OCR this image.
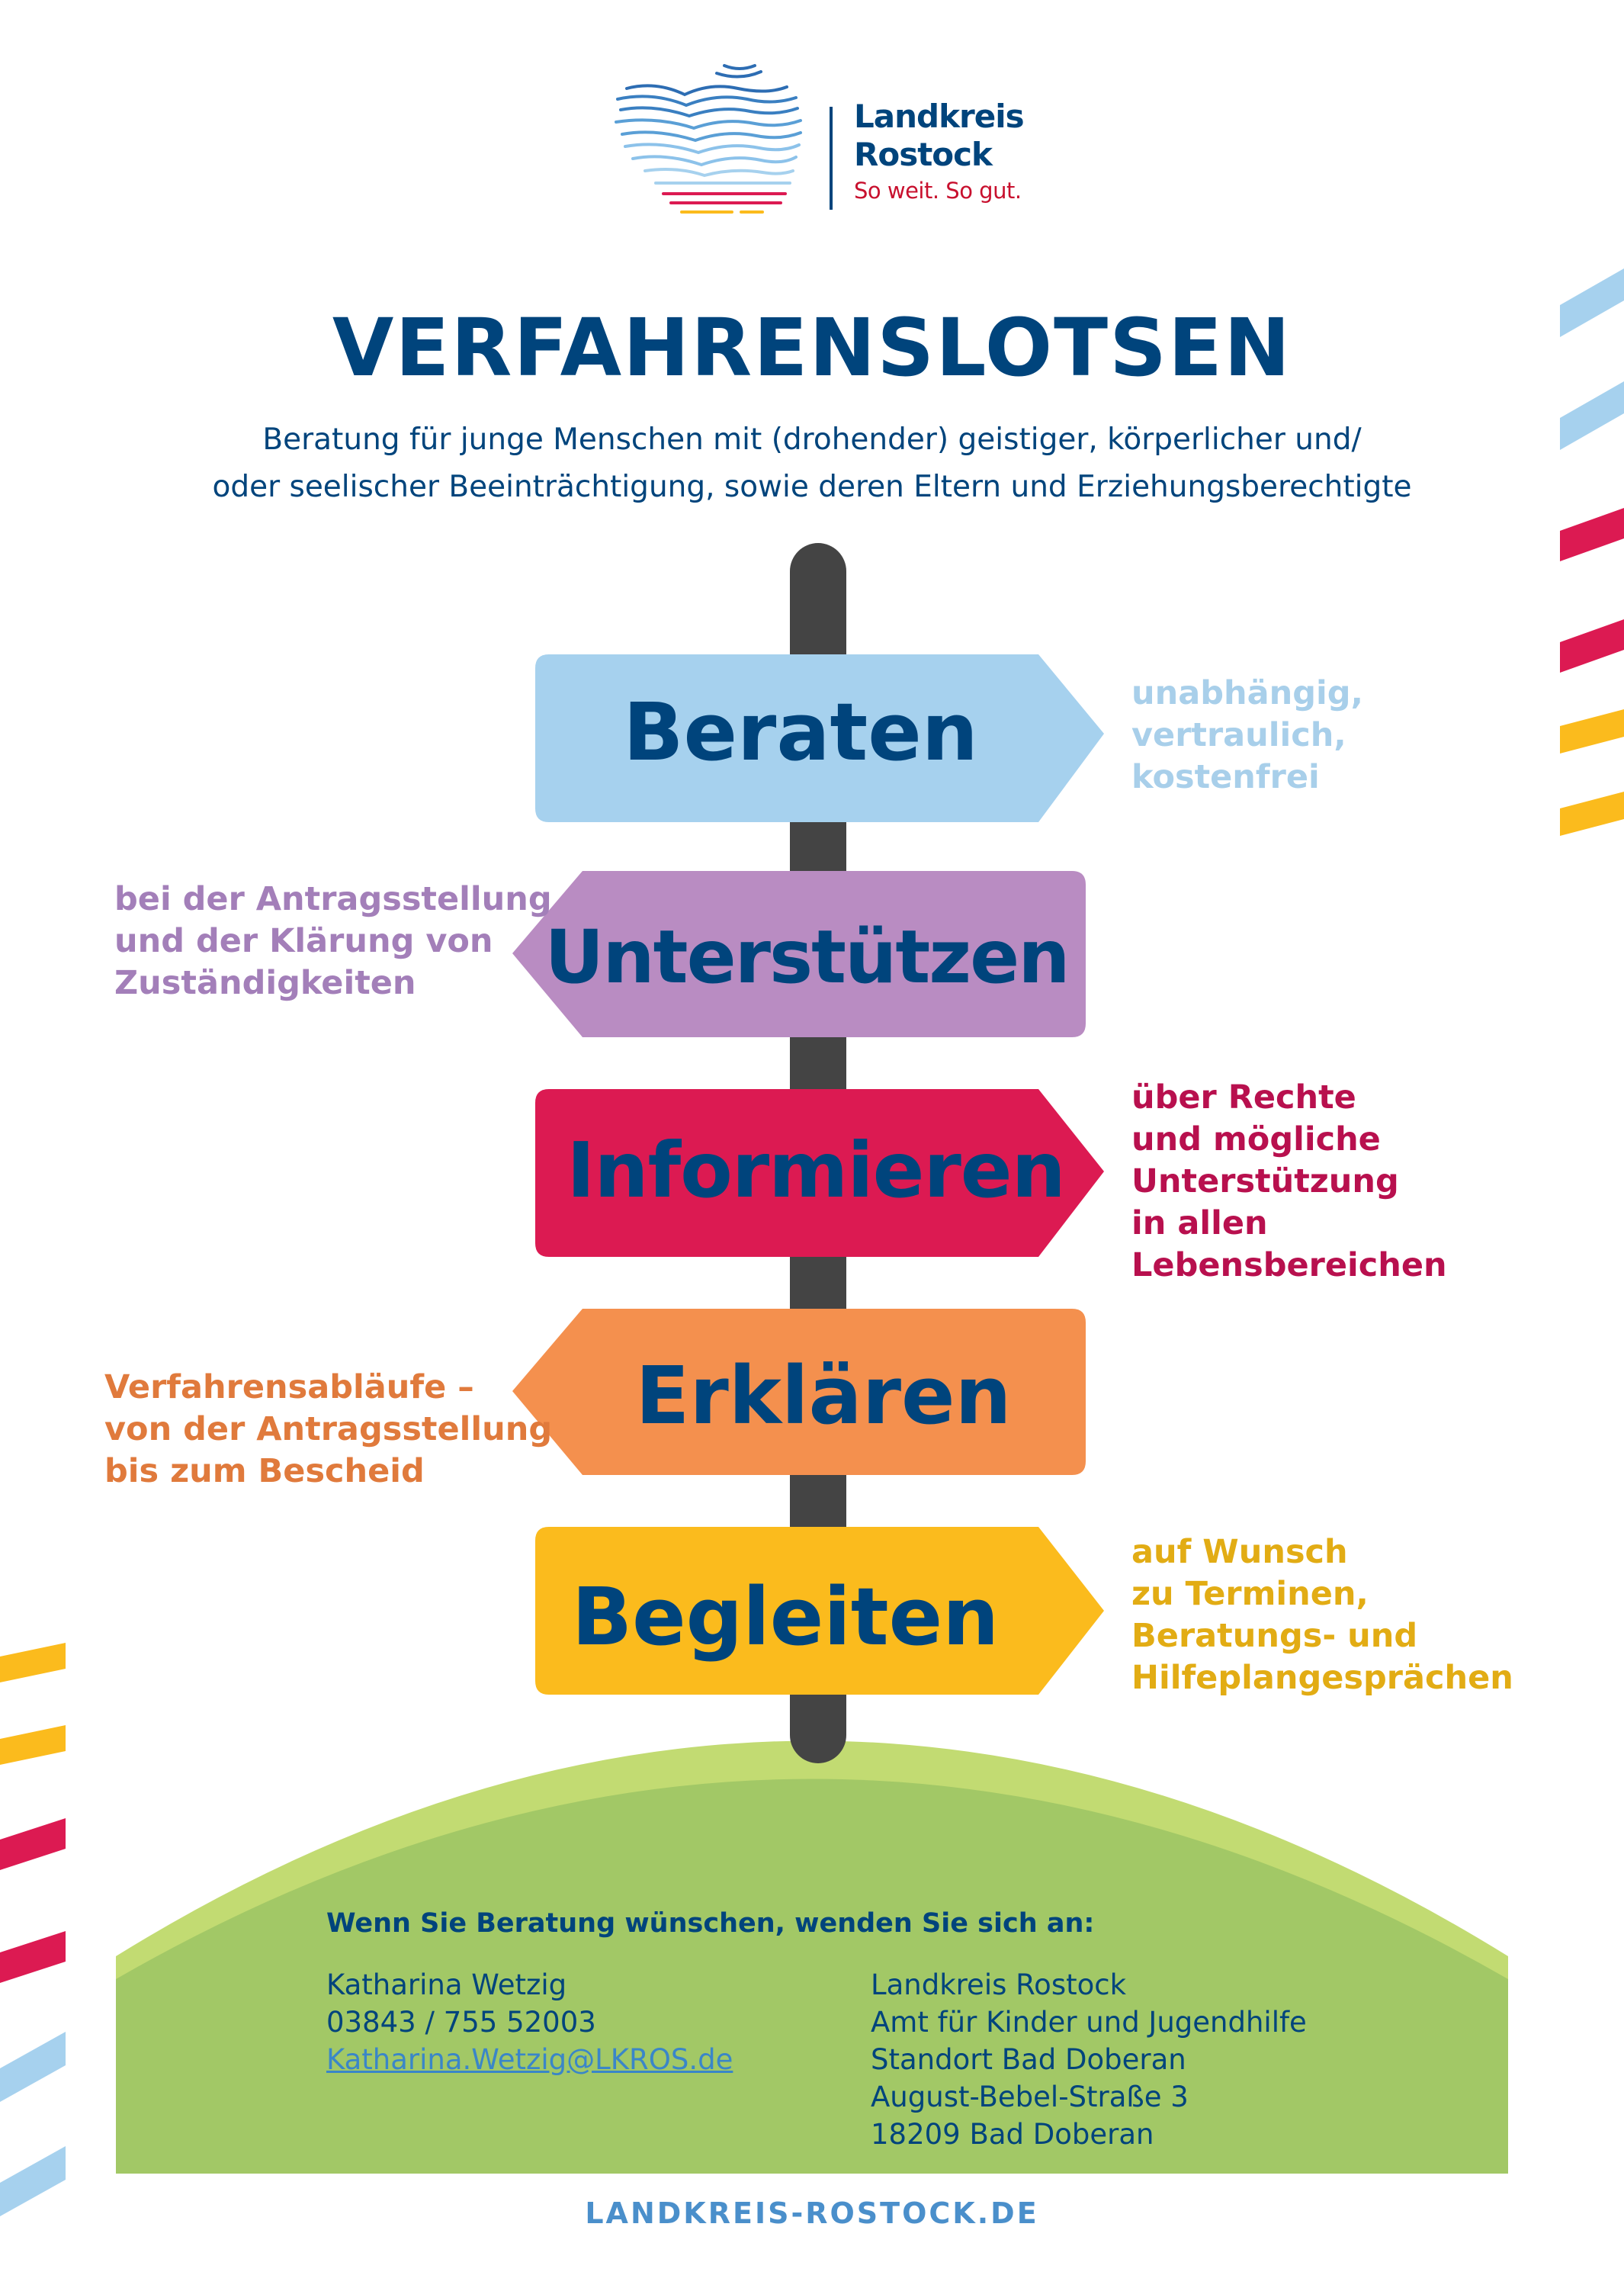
Landkreis
Rostock
So weit. So gut.
VERFAHRENSLOTSEN
Beratung für junge Menschen mit (drohender) geistiger, körperlicher und/
oder seelischer Beeinträchtigung, sowie deren Eltern und Erziehungsberechtigte
Beraten
Unterstützen
Informieren
Erklären
Begleiten
unabhängig,
vertraulich,
kostenfrei
bei der Antragsstellung
und der Klärung von
Zuständigkeiten
über Rechte
und mögliche
Unterstützung
in allen
Lebensbereichen
Verfahrensabläufe –
von der Antragsstellung
bis zum Bescheid
auf Wunsch
zu Terminen,
Beratungs- und
Hilfeplangesprächen
Wenn Sie Beratung wünschen, wenden Sie sich an:
Katharina Wetzig
03843 / 755 52003
Katharina.Wetzig@LKROS.de
Landkreis Rostock
Amt für Kinder und Jugendhilfe
Standort Bad Doberan
August-Bebel-Straße 3
18209 Bad Doberan
LANDKREIS-ROSTOCK.DE
